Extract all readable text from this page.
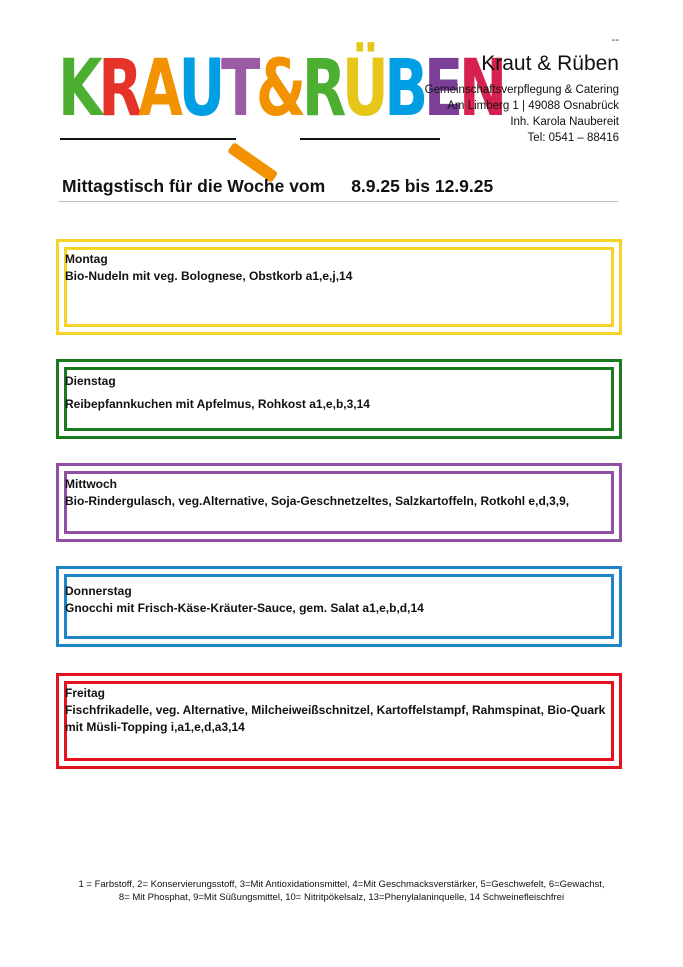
KRAUT&RÜBEN
--
Kraut & Rüben
Gemeinschaftsverpflegung & Catering
Am Limberg 1 | 49088 Osnabrück
Inh. Karola Naubereit
Tel: 0541 – 88416
Mittagstisch für die Woche vom 8.9.25 bis 12.9.25
Montag
Bio-Nudeln mit veg. Bolognese, Obstkorb a1,e,j,14
Dienstag
Reibepfannkuchen mit Apfelmus, Rohkost a1,e,b,3,14
Mittwoch
Bio-Rindergulasch, veg.Alternative, Soja-Geschnetzeltes, Salzkartoffeln, Rotkohl e,d,3,9,
Donnerstag
Gnocchi mit Frisch-Käse-Kräuter-Sauce, gem. Salat a1,e,b,d,14
Freitag
Fischfrikadelle, veg. Alternative, Milcheiweißschnitzel, Kartoffelstampf, Rahmspinat, Bio-Quark mit Müsli-Topping i,a1,e,d,a3,14
1 = Farbstoff, 2= Konservierungsstoff, 3=Mit Antioxidationsmittel, 4=Mit Geschmacksverstärker, 5=Geschwefelt, 6=Gewachst,
8= Mit Phosphat, 9=Mit Süßungsmittel, 10= Nitritpökelsalz, 13=Phenylalaninquelle, 14 Schweinefleischfrei
